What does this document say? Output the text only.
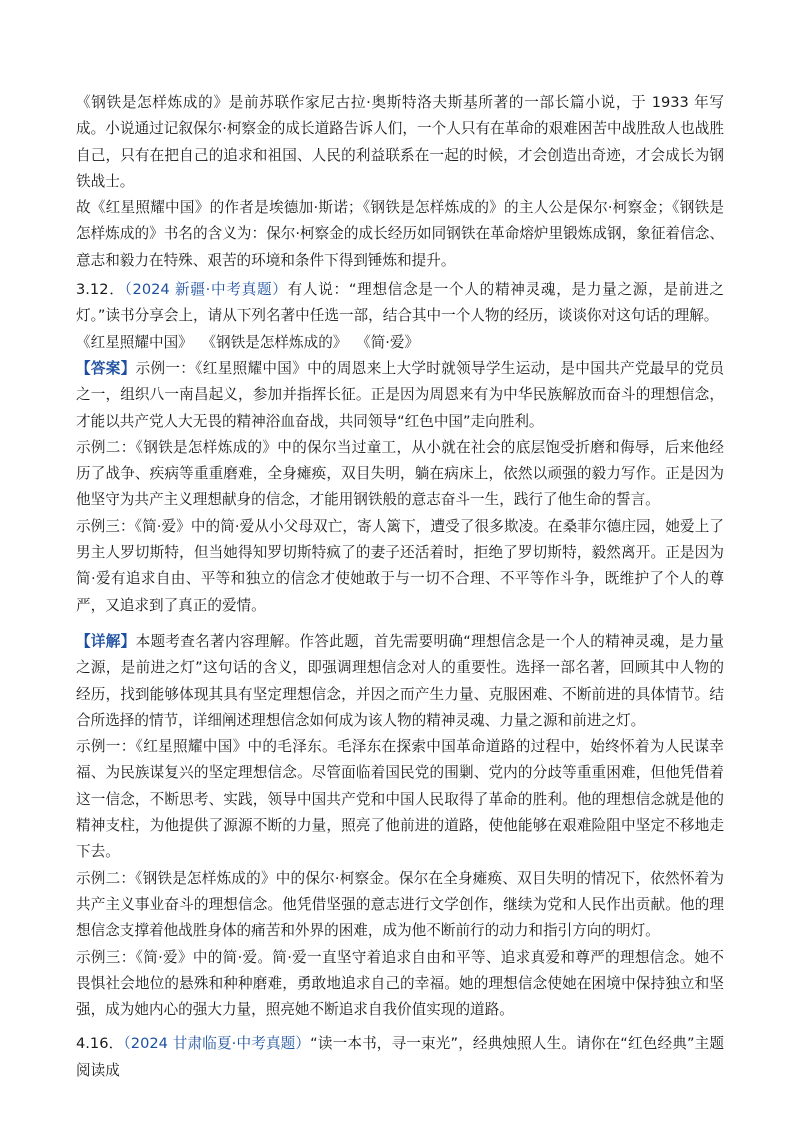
《钢铁是怎样炼成的》是前苏联作家尼古拉·奥斯特洛夫斯基所著的一部长篇小说，于 1933 年写成。小说通过记叙保尔·柯察金的成长道路告诉人们，一个人只有在革命的艰难困苦中战胜敌人也战胜自己，只有在把自己的追求和祖国、人民的利益联系在一起的时候，才会创造出奇迹，才会成长为钢铁战士。

故《红星照耀中国》的作者是埃德加·斯诺；《钢铁是怎样炼成的》的主人公是保尔·柯察金；《钢铁是怎样炼成的》书名的含义为：保尔·柯察金的成长经历如同钢铁在革命熔炉里锻炼成钢，象征着信念、意志和毅力在特殊、艰苦的环境和条件下得到锤炼和提升。

3.12．（2024 新疆·中考真题）有人说：“理想信念是一个人的精神灵魂，是力量之源，是前进之灯。”读书分享会上，请从下列名著中任选一部，结合其中一个人物的经历，谈谈你对这句话的理解。

《红星照耀中国》 《钢铁是怎样炼成的》 《简·爱》

【答案】示例一：《红星照耀中国》中的周恩来上大学时就领导学生运动，是中国共产党最早的党员之一，组织八一南昌起义，参加并指挥长征。正是因为周恩来有为中华民族解放而奋斗的理想信念，才能以共产党人大无畏的精神浴血奋战，共同领导“红色中国”走向胜利。

示例二：《钢铁是怎样炼成的》中的保尔当过童工，从小就在社会的底层饱受折磨和侮辱，后来他经历了战争、疾病等重重磨难，全身瘫痪，双目失明，躺在病床上，依然以顽强的毅力写作。正是因为他坚守为共产主义理想献身的信念，才能用钢铁般的意志奋斗一生，践行了他生命的誓言。

示例三：《简·爱》中的简·爱从小父母双亡，寄人篱下，遭受了很多欺凌。在桑菲尔德庄园，她爱上了男主人罗切斯特，但当她得知罗切斯特疯了的妻子还活着时，拒绝了罗切斯特，毅然离开。正是因为简·爱有追求自由、平等和独立的信念才使她敢于与一切不合理、不平等作斗争，既维护了个人的尊严，又追求到了真正的爱情。

【详解】本题考查名著内容理解。作答此题，首先需要明确“理想信念是一个人的精神灵魂，是力量之源，是前进之灯”这句话的含义，即强调理想信念对人的重要性。选择一部名著，回顾其中人物的经历，找到能够体现其具有坚定理想信念，并因之而产生力量、克服困难、不断前进的具体情节。结合所选择的情节，详细阐述理想信念如何成为该人物的精神灵魂、力量之源和前进之灯。

示例一：《红星照耀中国》中的毛泽东。毛泽东在探索中国革命道路的过程中，始终怀着为人民谋幸福、为民族谋复兴的坚定理想信念。尽管面临着国民党的围剿、党内的分歧等重重困难，但他凭借着这一信念，不断思考、实践，领导中国共产党和中国人民取得了革命的胜利。他的理想信念就是他的精神支柱，为他提供了源源不断的力量，照亮了他前进的道路，使他能够在艰难险阻中坚定不移地走下去。

示例二：《钢铁是怎样炼成的》中的保尔·柯察金。保尔在全身瘫痪、双目失明的情况下，依然怀着为共产主义事业奋斗的理想信念。他凭借坚强的意志进行文学创作，继续为党和人民作出贡献。他的理想信念支撑着他战胜身体的痛苦和外界的困难，成为他不断前行的动力和指引方向的明灯。

示例三：《简·爱》中的简·爱。简·爱一直坚守着追求自由和平等、追求真爱和尊严的理想信念。她不畏惧社会地位的悬殊和种种磨难，勇敢地追求自己的幸福。她的理想信念使她在困境中保持独立和坚强，成为她内心的强大力量，照亮她不断追求自我价值实现的道路。

4.16．（2024 甘肃临夏·中考真题）“读一本书，寻一束光”，经典烛照人生。请你在“红色经典”主题阅读成
